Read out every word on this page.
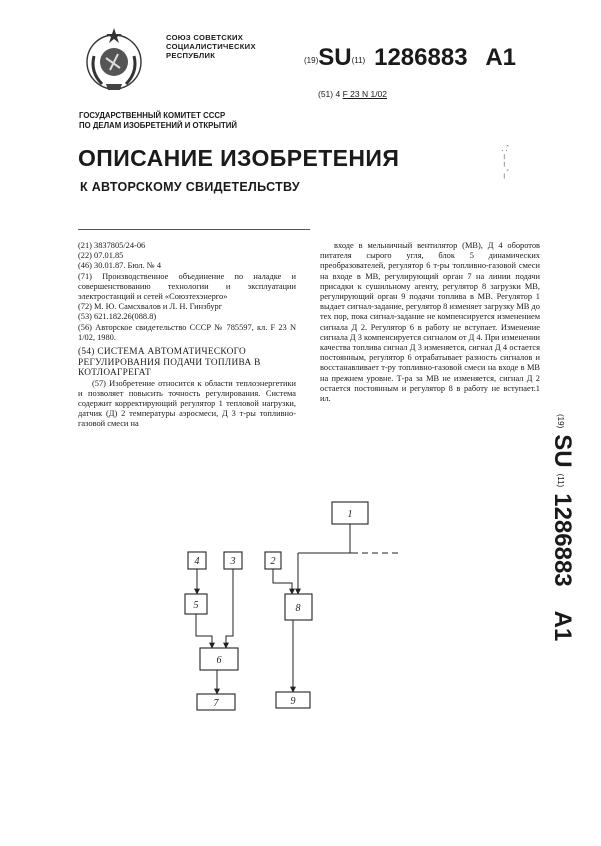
СОЮЗ СОВЕТСКИХ
СОЦИАЛИСТИЧЕСКИХ
РЕСПУБЛИК
(19)SU(11) 1286883 A1
(51) 4 F 23 N 1/02
ГОСУДАРСТВЕННЫЙ КОМИТЕТ СССР
ПО ДЕЛАМ ИЗОБРЕТЕНИЙ И ОТКРЫТИЙ
ОПИСАНИЕ ИЗОБРЕТЕНИЯ
К АВТОРСКОМУ СВИДЕТЕЛЬСТВУ
' : – – ' –

(21) 3837805/24-06

(22) 07.01.85

(46) 30.01.87. Бюл. № 4

(71) Производственное объединение по наладке и совершенствованию технологии и эксплуатации электростанций и сетей «Союзтехэнерго»

(72) М. Ю. Самсхвалов и Л. Н. Гинзбург

(53) 621.182.26(088.8)

(56) Авторское свидетельство СССР № 785597, кл. F 23 N 1/02, 1980.

(54) СИСТЕМА АВТОМАТИЧЕСКОГО РЕГУЛИРОВАНИЯ ПОДАЧИ ТОПЛИВА В КОТЛОАГРЕГАТ

(57) Изобретение относится к области теплоэнергетики и позволяет повысить точность регулирования. Система содержит корректирующий регулятор 1 тепловой нагрузки, датчик (Д) 2 температуры аэросмеси, Д 3 т-ры топливно-газовой смеси на

входе в мельничный вентилятор (МВ), Д 4 оборотов питателя сырого угля, блок 5 динамических преобразователей, регулятор 6 т-ры топливно-газовой смеси на входе в МВ, регулирующий орган 7 на линии подачи присадки к сушильному агенту, регулятор 8 загрузки МВ, регулирующий орган 9 подачи топлива в МВ. Регулятор 1 выдает сигнал-задание, регулятор 8 изменяет загрузку МВ до тех пор, пока сигнал-задание не компенсируется изменением сигнала Д 2. Регулятор 6 в работу не вступает. Изменение сигнала Д 3 компенсируется сигналом от Д 4. При изменении качества топлива сигнал Д 3 изменяется, сигнал Д 4 остается постоянным, регулятор 6 отрабатывает разность сигналов и восстанавливает т-ру топливно-газовой смеси на входе в МВ на прежнем уровне. Т-ра за МВ не изменяется, сигнал Д 2 остается постоянным и регулятор 8 в работу не вступает.1 ил.

(19)SU(11)1286883A1
1
2
3
4
5
6
7
8
9
